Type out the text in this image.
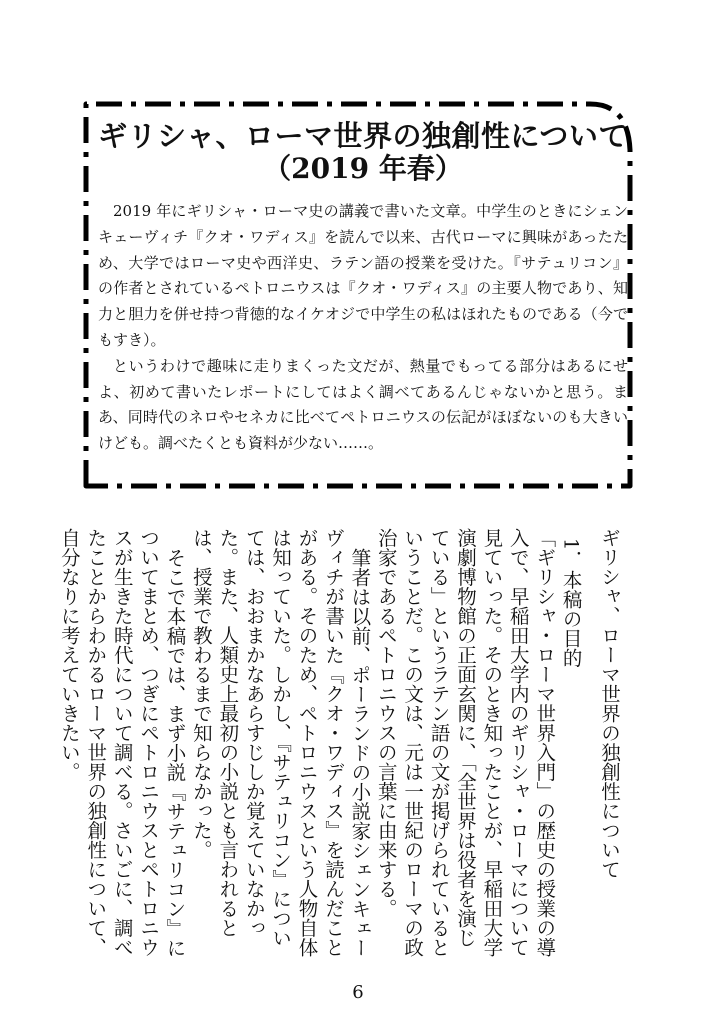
ギリシャ、ローマ世界の独創性について
（2019 年春）

2019 年にギリシャ・ローマ史の講義で書いた文章。中学生のときにシェンキェーヴィチ『クオ・ワディス』を読んで以来、古代ローマに興味があったため、大学ではローマ史や西洋史、ラテン語の授業を受けた。『サテュリコン』の作者とされているペトロニウスは『クオ・ワディス』の主要人物であり、知力と胆力を併せ持つ背徳的なイケオジで中学生の私はほれたものである（今でもすき）。

というわけで趣味に走りまくった文だが、熱量でもってる部分はあるにせよ、初めて書いたレポートにしてはよく調べてあるんじゃないかと思う。まあ、同時代のネロやセネカに比べてペトロニウスの伝記がほぼないのも大きいけども。調べたくとも資料が少ない……。

ギリシャ、ローマ世界の独創性について
1．本稿の目的

「ギリシャ・ローマ世界入門」の歴史の授業の導入で、早稲田大学内のギリシャ・ローマについて見ていった。そのとき知ったことが、早稲田大学演劇博物館の正面玄関に、「全世界は役者を演じている」というラテン語の文が掲げられているということだ。この文は、元は一世紀のローマの政治家であるペトロニウスの言葉に由来する。

筆者は以前、ポーランドの小説家シェンキェーヴィチが書いた『クオ・ワディス』を読んだことがある。そのため、ペトロニウスという人物自体は知っていた。しかし、『サテュリコン』については、おおまかなあらすじしか覚えていなかった。また、人類史上最初の小説とも言われるとは、授業で教わるまで知らなかった。

そこで本稿では、まず小説『サテュリコン』についてまとめ、つぎにペトロニウスとペトロニウスが生きた時代について調べる。さいごに、調べたことからわかるローマ世界の独創性について、自分なりに考えていきたい。

6
